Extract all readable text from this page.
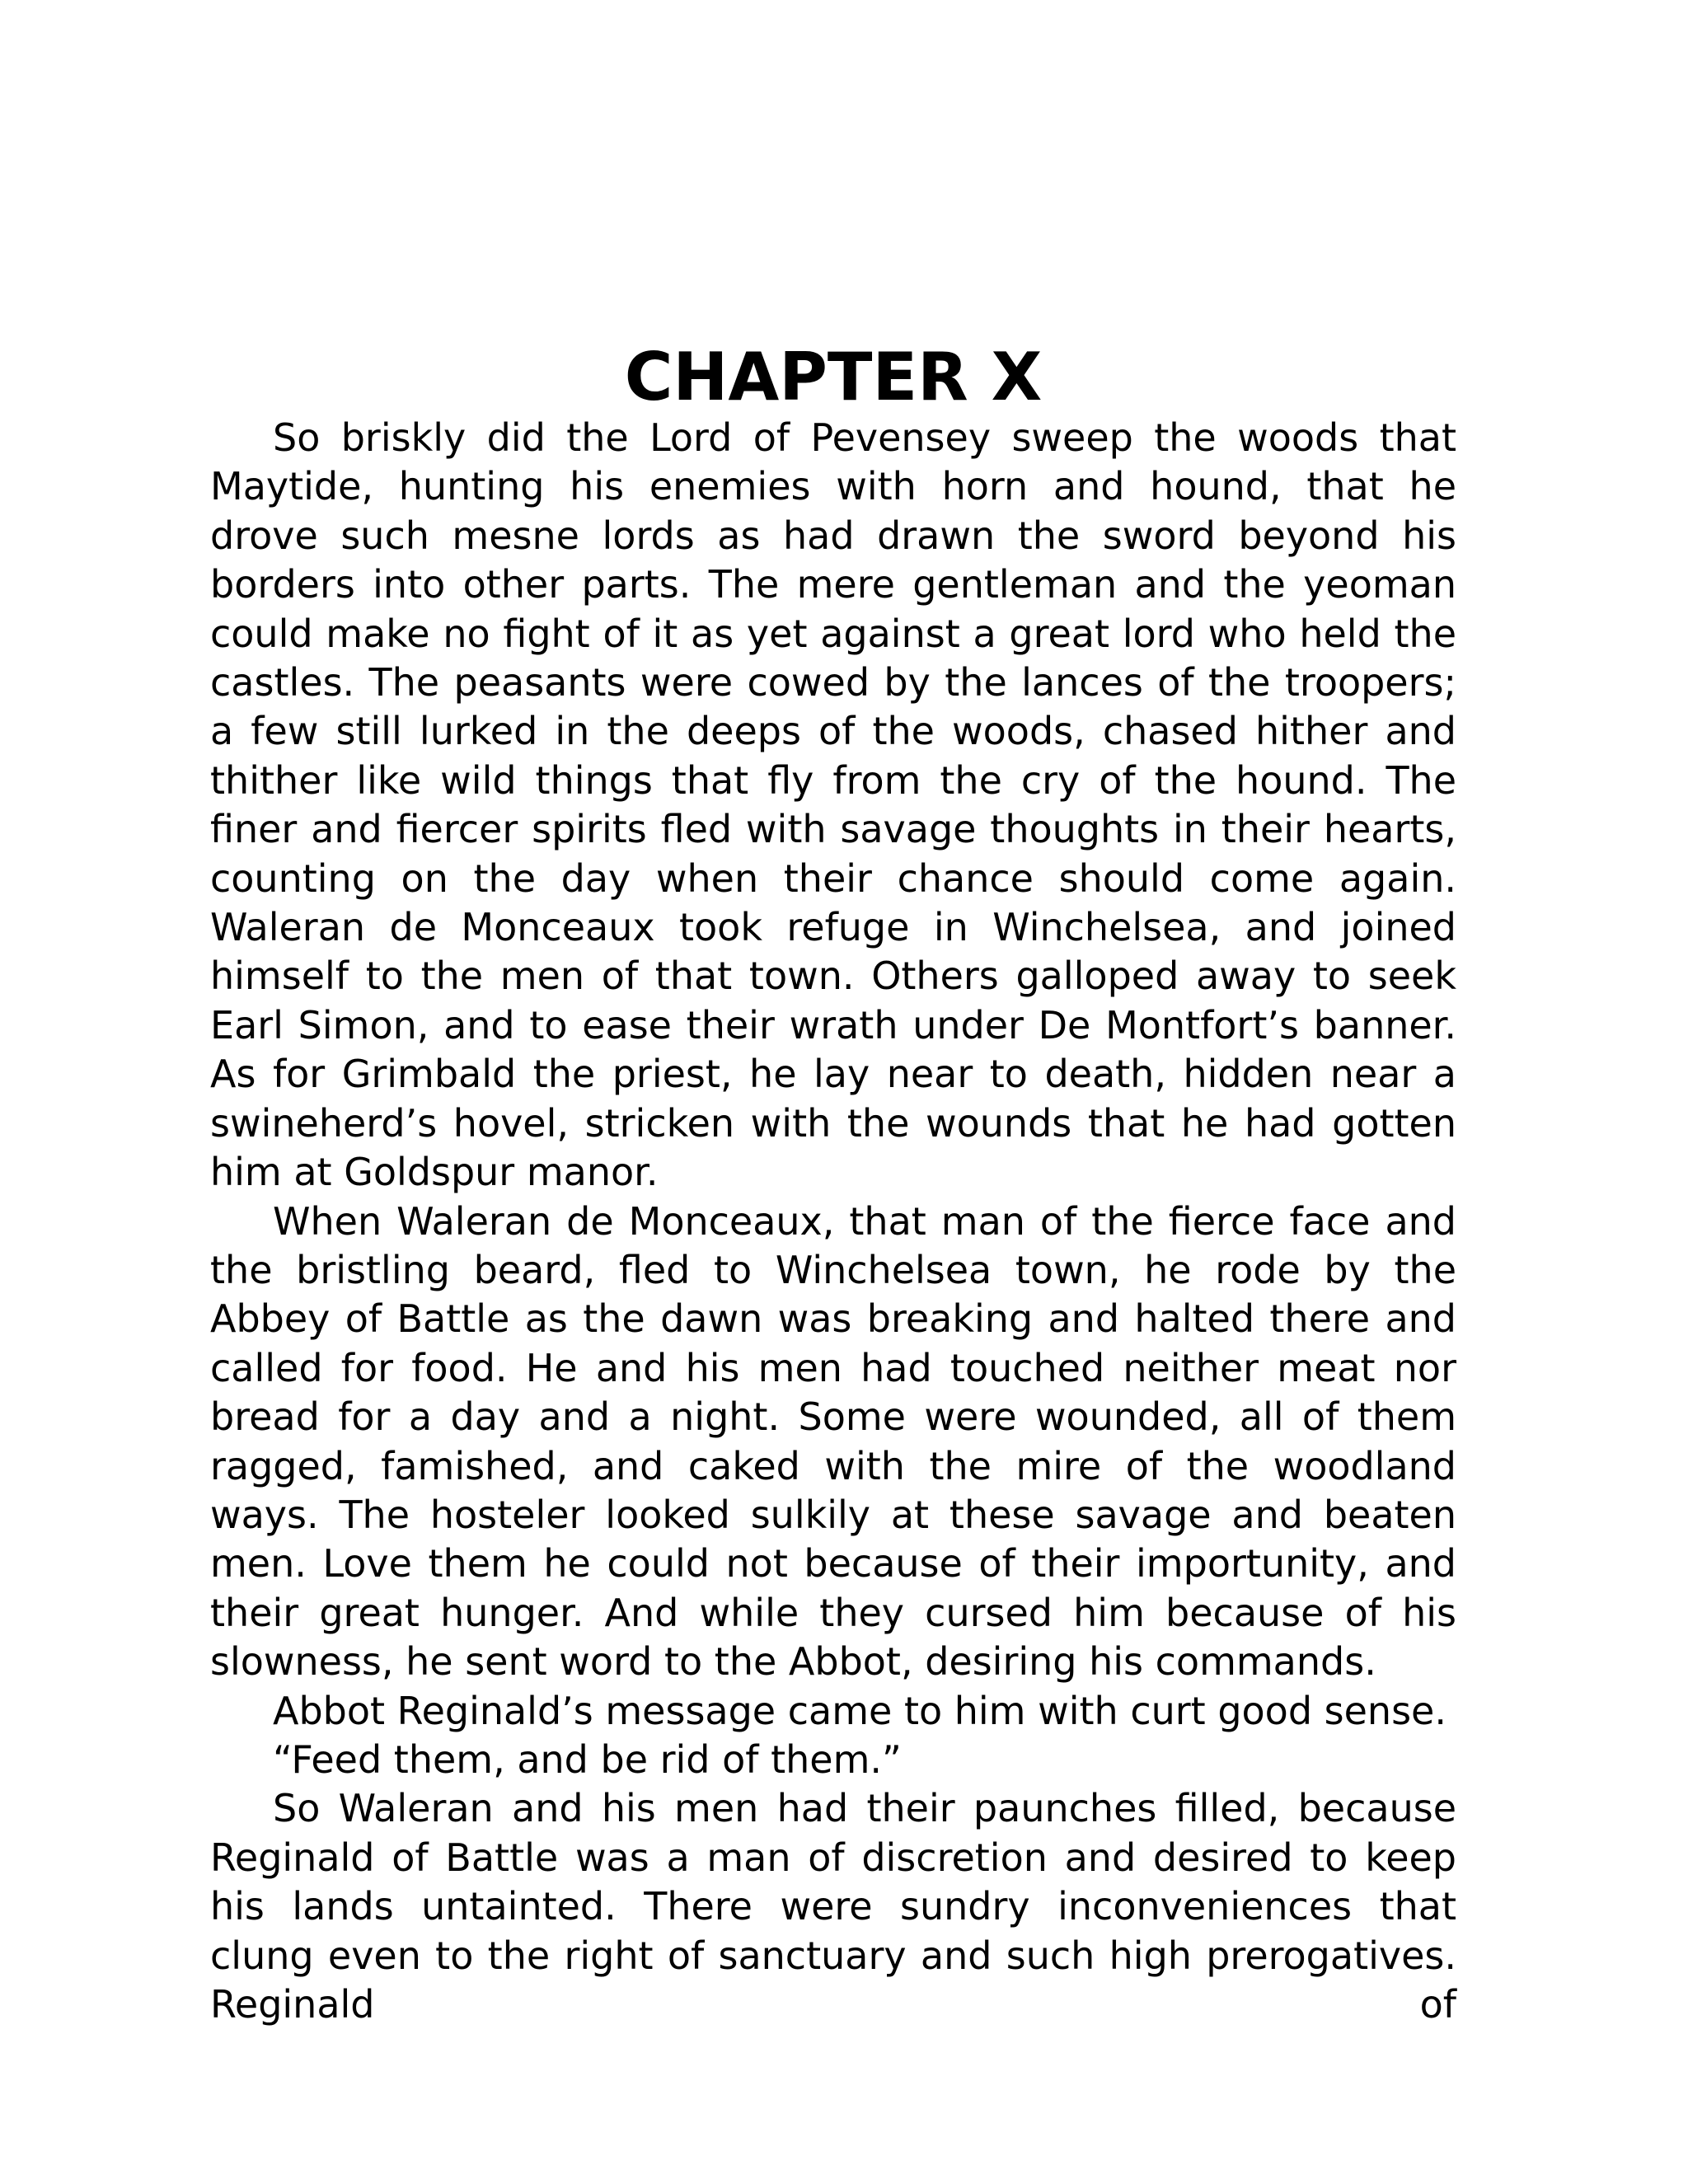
CHAPTER X

So briskly did the Lord of Pevensey sweep the woods that Maytide, hunting his enemies with horn and hound, that he drove such mesne lords as had drawn the sword beyond his borders into other parts. The mere gentleman and the yeoman could make no fight of it as yet against a great lord who held the castles. The peasants were cowed by the lances of the troopers; a few still lurked in the deeps of the woods, chased hither and thither like wild things that fly from the cry of the hound. The finer and fiercer spirits fled with savage thoughts in their hearts, counting on the day when their chance should come again. Waleran de Monceaux took refuge in Winchelsea, and joined himself to the men of that town. Others galloped away to seek Earl Simon, and to ease their wrath under De Montfort’s banner. As for Grimbald the priest, he lay near to death, hidden near a swineherd’s hovel, stricken with the wounds that he had gotten him at Goldspur manor.

When Waleran de Monceaux, that man of the fierce face and the bristling beard, fled to Winchelsea town, he rode by the Abbey of Battle as the dawn was breaking and halted there and called for food. He and his men had touched neither meat nor bread for a day and a night. Some were wounded, all of them ragged, famished, and caked with the mire of the woodland ways. The hosteler looked sulkily at these savage and beaten men. Love them he could not because of their importunity, and their great hunger. And while they cursed him because of his slowness, he sent word to the Abbot, desiring his commands.

Abbot Reginald’s message came to him with curt good sense.

“Feed them, and be rid of them.”

So Waleran and his men had their paunches filled, because Reginald of Battle was a man of discretion and desired to keep his lands untainted. There were sundry inconveniences that clung even to the right of sanctuary and such high prerogatives. Reginald of
